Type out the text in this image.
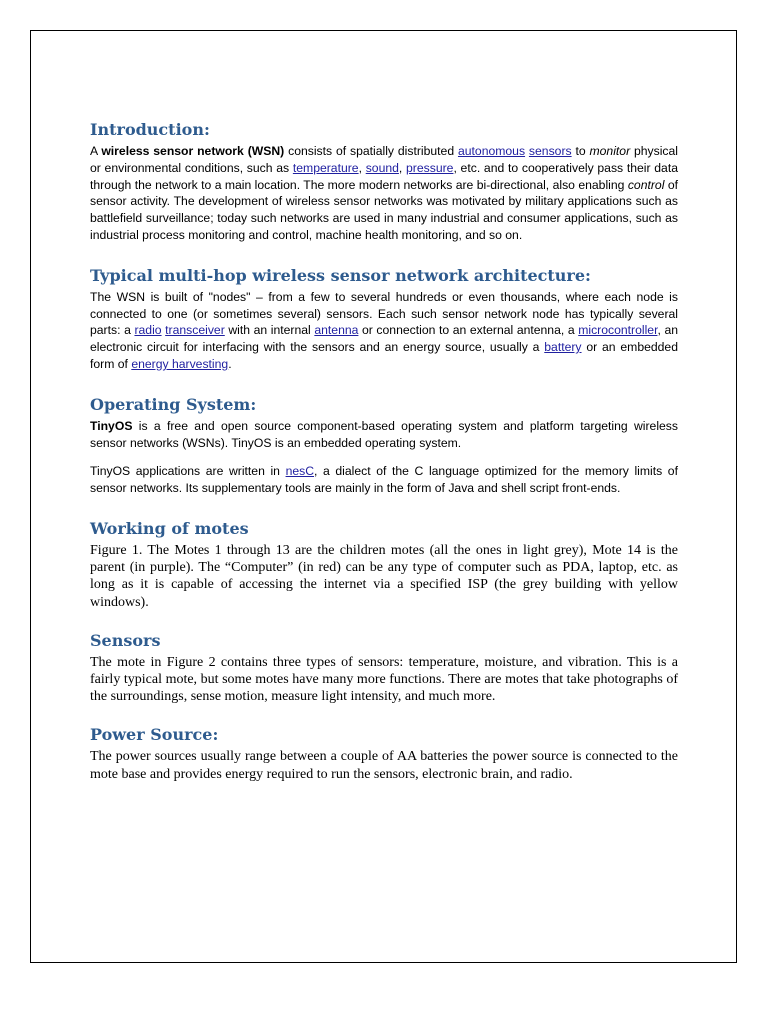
Introduction:

A wireless sensor network (WSN) consists of spatially distributed autonomous sensors to monitor physical or environmental conditions, such as temperature, sound, pressure, etc. and to cooperatively pass their data through the network to a main location. The more modern networks are bi-directional, also enabling control of sensor activity. The development of wireless sensor networks was motivated by military applications such as battlefield surveillance; today such networks are used in many industrial and consumer applications, such as industrial process monitoring and control, machine health monitoring, and so on.

Typical multi-hop wireless sensor network architecture:

The WSN is built of "nodes" – from a few to several hundreds or even thousands, where each node is connected to one (or sometimes several) sensors. Each such sensor network node has typically several parts: a radio transceiver with an internal antenna or connection to an external antenna, a microcontroller, an electronic circuit for interfacing with the sensors and an energy source, usually a battery or an embedded form of energy harvesting.

Operating System:

TinyOS is a free and open source component-based operating system and platform targeting wireless sensor networks (WSNs). TinyOS is an embedded operating system.

TinyOS applications are written in nesC, a dialect of the C language optimized for the memory limits of sensor networks. Its supplementary tools are mainly in the form of Java and shell script front-ends.

Working of motes

Figure 1. The Motes 1 through 13 are the children motes (all the ones in light grey), Mote 14 is the parent (in purple). The “Computer” (in red) can be any type of computer such as PDA, laptop, etc. as long as it is capable of accessing the internet via a specified ISP (the grey building with yellow windows).

Sensors

The mote in Figure 2 contains three types of sensors: temperature, moisture, and vibration. This is a fairly typical mote, but some motes have many more functions. There are motes that take photographs of the surroundings, sense motion, measure light intensity, and much more.

Power Source:

The power sources usually range between a couple of AA batteries the power source is connected to the mote base and provides energy required to run the sensors, electronic brain, and radio.
